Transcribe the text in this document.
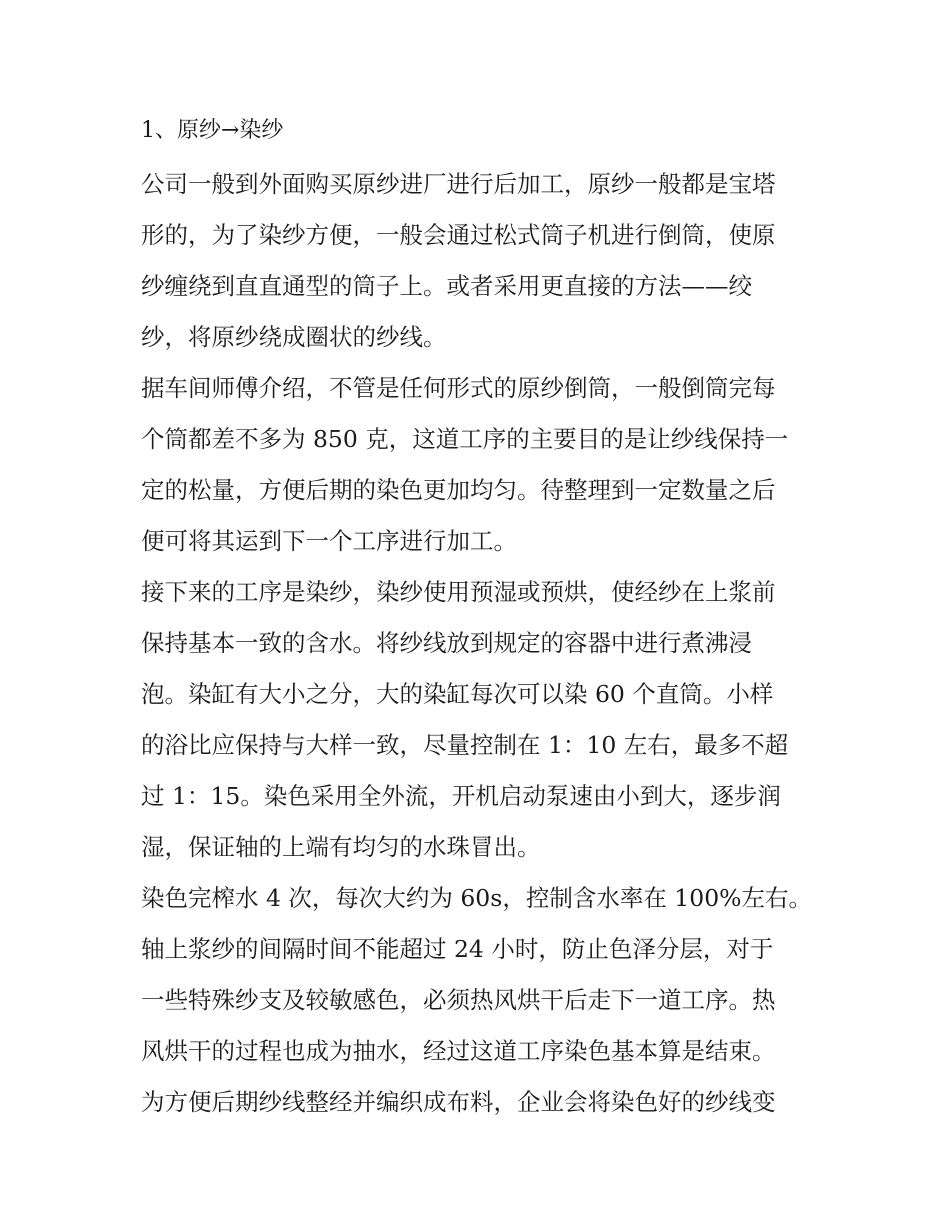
1、原纱→染纱

公司一般到外面购买原纱进厂进行后加工，原纱一般都是宝塔
形的，为了染纱方便，一般会通过松式筒子机进行倒筒，使原
纱缠绕到直直通型的筒子上。或者采用更直接的方法——绞
纱，将原纱绕成圈状的纱线。

据车间师傅介绍，不管是任何形式的原纱倒筒，一般倒筒完每
个筒都差不多为 850 克，这道工序的主要目的是让纱线保持一
定的松量，方便后期的染色更加均匀。待整理到一定数量之后
便可将其运到下一个工序进行加工。

接下来的工序是染纱，染纱使用预湿或预烘，使经纱在上浆前
保持基本一致的含水。将纱线放到规定的容器中进行煮沸浸
泡。染缸有大小之分，大的染缸每次可以染 60 个直筒。小样
的浴比应保持与大样一致，尽量控制在 1：10 左右，最多不超
过 1：15。染色采用全外流，开机启动泵速由小到大，逐步润
湿，保证轴的上端有均匀的水珠冒出。

染色完榨水 4 次，每次大约为 60s，控制含水率在 100%左右。
轴上浆纱的间隔时间不能超过 24 小时，防止色泽分层，对于
一些特殊纱支及较敏感色，必须热风烘干后走下一道工序。热
风烘干的过程也成为抽水，经过这道工序染色基本算是结束。

为方便后期纱线整经并编织成布料，企业会将染色好的纱线变
